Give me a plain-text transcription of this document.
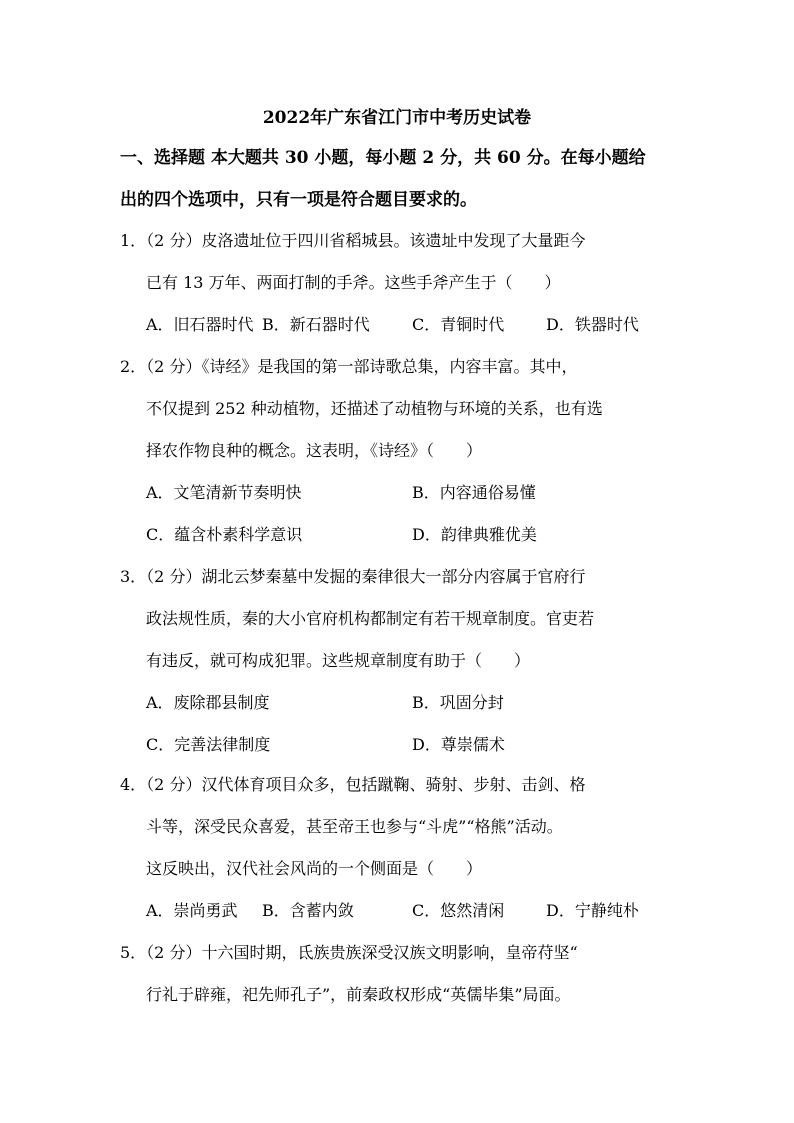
2022年广东省江门市中考历史试卷
一、选择题 本大题共 30 小题，每小题 2 分，共 60 分。在每小题给
出的四个选项中，只有一项是符合题目要求的。
1．（2 分）皮洛遗址位于四川省稻城县。该遗址中发现了大量距今
已有 13 万年、两面打制的手斧。这些手斧产生于（　　）
A．旧石器时代 B．新石器时代	C．青铜时代	D．铁器时代
2．（2 分）《诗经》是我国的第一部诗歌总集，内容丰富。其中，
不仅提到 252 种动植物，还描述了动植物与环境的关系，也有选
择农作物良种的概念。这表明，《诗经》（　　）
A．文笔清新节奏明快	B．内容通俗易懂
C．蕴含朴素科学意识	D．韵律典雅优美
3．（2 分）湖北云梦秦墓中发掘的秦律很大一部分内容属于官府行
政法规性质，秦的大小官府机构都制定有若干规章制度。官吏若
有违反，就可构成犯罪。这些规章制度有助于（　　）
A．废除郡县制度	B．巩固分封
C．完善法律制度	D．尊崇儒术
4．（2 分）汉代体育项目众多，包括蹴鞠、骑射、步射、击剑、格
斗等，深受民众喜爱，甚至帝王也参与“斗虎”“格熊”活动。
这反映出，汉代社会风尚的一个侧面是（　　）
A．崇尚勇武 B．含蓄内敛	C．悠然清闲	D．宁静纯朴
5．（2 分）十六国时期，氐族贵族深受汉族文明影响，皇帝苻坚“
行礼于辟雍，祀先师孔子”，前秦政权形成“英儒毕集”局面。
